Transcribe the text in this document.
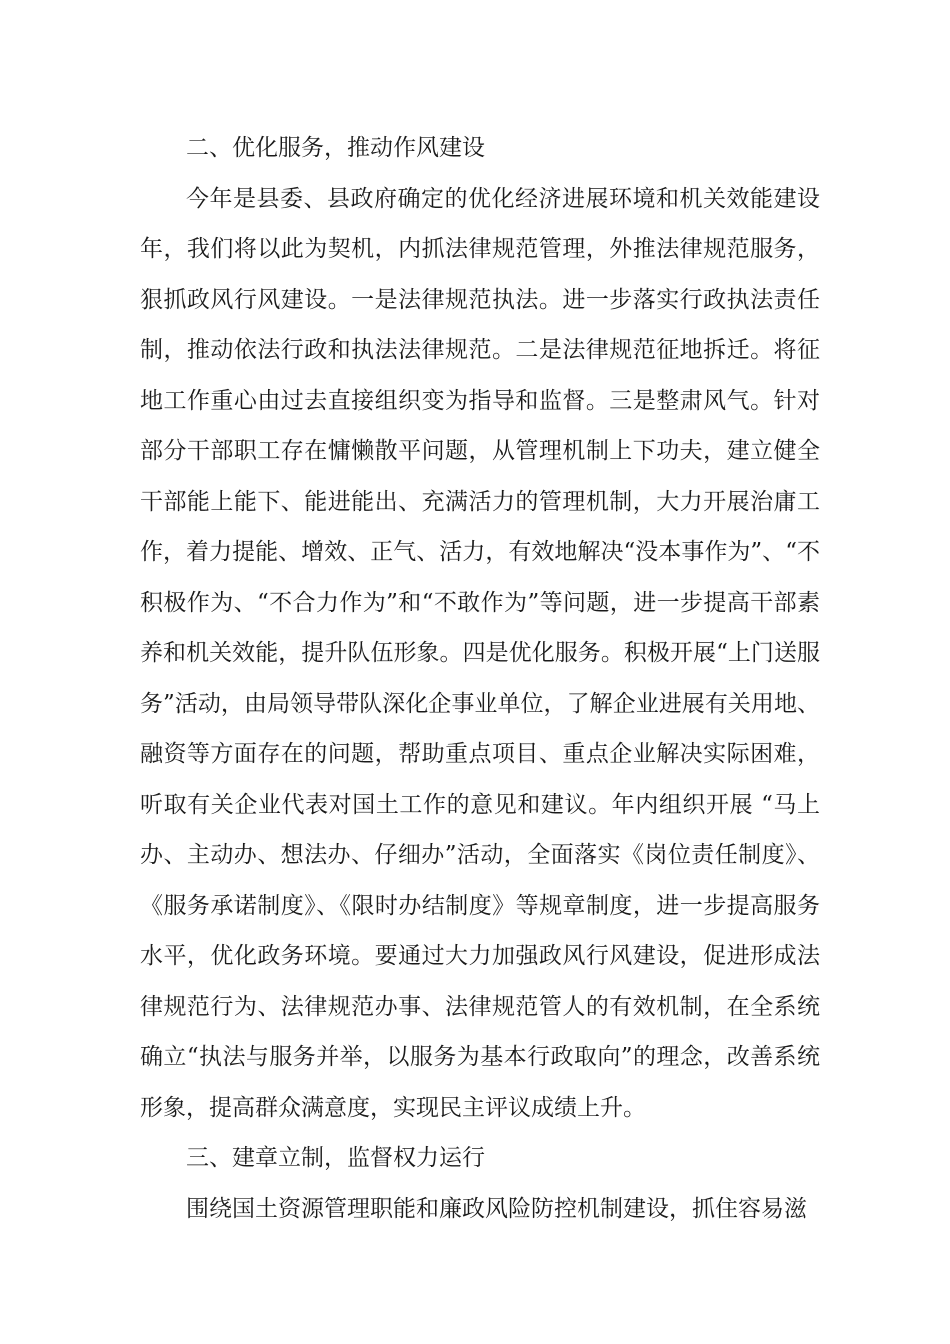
二、优化服务，推动作风建设

今年是县委、县政府确定的优化经济进展环境和机关效能建设年，我们将以此为契机，内抓法律规范管理，外推法律规范服务，狠抓政风行风建设。一是法律规范执法。进一步落实行政执法责任制，推动依法行政和执法法律规范。二是法律规范征地拆迁。将征地工作重心由过去直接组织变为指导和监督。三是整肃风气。针对部分干部职工存在慵懒散平问题，从管理机制上下功夫，建立健全干部能上能下、能进能出、充满活力的管理机制，大力开展治庸工作，着力提能、增效、正气、活力，有效地解决“没本事作为”、“不积极作为、“不合力作为”和“不敢作为”等问题，进一步提高干部素养和机关效能，提升队伍形象。四是优化服务。积极开展“上门送服务”活动，由局领导带队深化企事业单位，了解企业进展有关用地、融资等方面存在的问题，帮助重点项目、重点企业解决实际困难，听取有关企业代表对国土工作的意见和建议。年内组织开展 “马上办、主动办、想法办、仔细办”活动，全面落实《岗位责任制度》、《服务承诺制度》、《限时办结制度》等规章制度，进一步提高服务水平，优化政务环境。要通过大力加强政风行风建设，促进形成法律规范行为、法律规范办事、法律规范管人的有效机制，在全系统确立“执法与服务并举，以服务为基本行政取向”的理念，改善系统形象，提高群众满意度，实现民主评议成绩上升。

三、建章立制，监督权力运行

围绕国土资源管理职能和廉政风险防控机制建设，抓住容易滋
